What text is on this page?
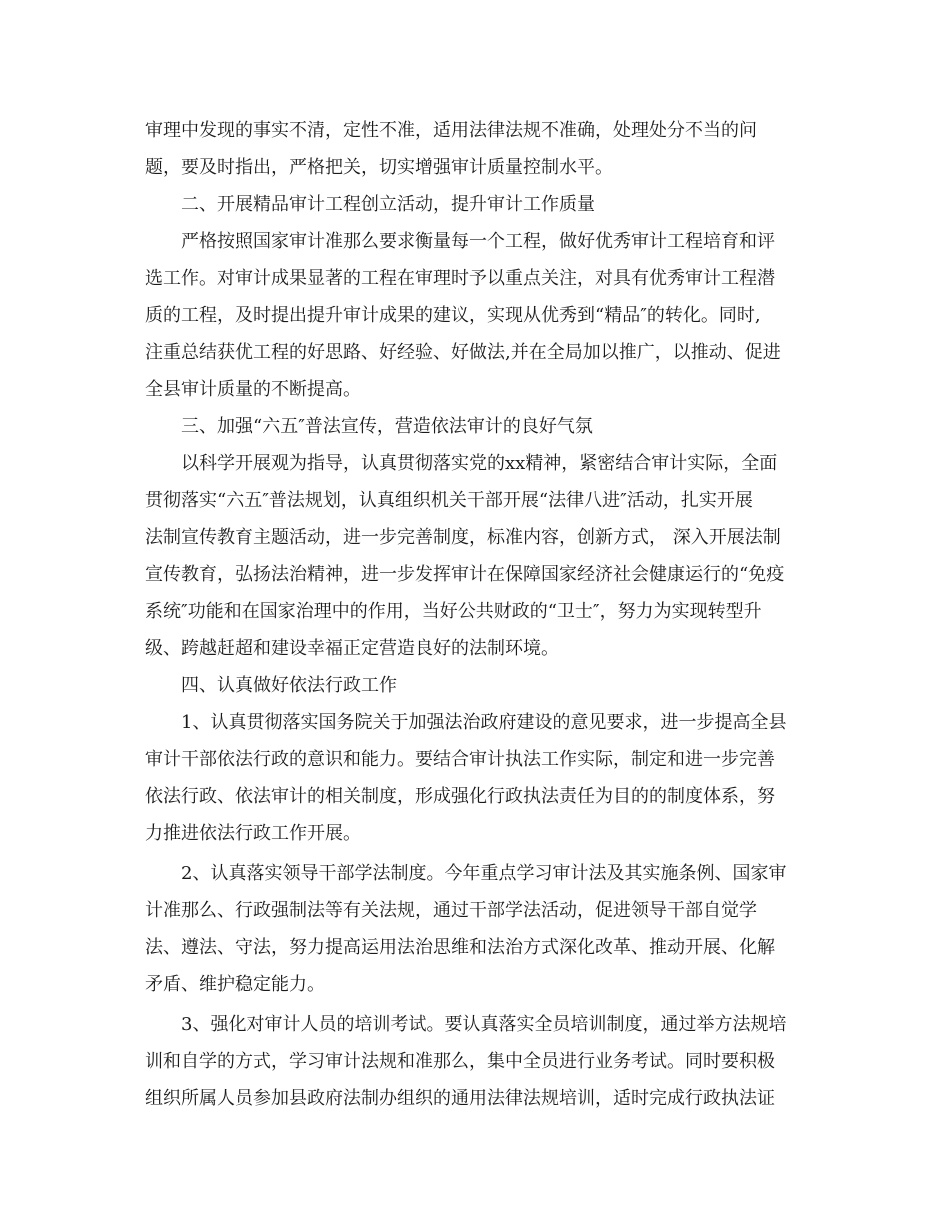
审理中发现的事实不清，定性不准，适用法律法规不准确，处理处分不当的问
题，要及时指出，严格把关，切实增强审计质量控制水平。
二、开展精品审计工程创立活动，提升审计工作质量
严格按照国家审计准那么要求衡量每一个工程，做好优秀审计工程培育和评
选工作。对审计成果显著的工程在审理时予以重点关注，对具有优秀审计工程潜
质的工程，及时提出提升审计成果的建议，实现从优秀到“精品″的转化。同时,
注重总结获优工程的好思路、好经验、好做法,并在全局加以推广，以推动、促进
全县审计质量的不断提高。
三、加强“六五″普法宣传，营造依法审计的良好气氛
以科学开展观为指导，认真贯彻落实党的xx精神，紧密结合审计实际，全面
贯彻落实“六五″普法规划，认真组织机关干部开展“法律八进″活动，扎实开展
法制宣传教育主题活动，进一步完善制度，标准内容，创新方式， 深入开展法制
宣传教育，弘扬法治精神，进一步发挥审计在保障国家经济社会健康运行的“免疫
系统″功能和在国家治理中的作用，当好公共财政的“卫士″，努力为实现转型升
级、跨越赶超和建设幸福正定营造良好的法制环境。
四、认真做好依法行政工作
1、认真贯彻落实国务院关于加强法治政府建设的意见要求，进一步提高全县
审计干部依法行政的意识和能力。要结合审计执法工作实际，制定和进一步完善
依法行政、依法审计的相关制度，形成强化行政执法责任为目的的制度体系，努
力推进依法行政工作开展。
2、认真落实领导干部学法制度。今年重点学习审计法及其实施条例、国家审
计准那么、行政强制法等有关法规，通过干部学法活动，促进领导干部自觉学
法、遵法、守法，努力提高运用法治思维和法治方式深化改革、推动开展、化解
矛盾、维护稳定能力。
3、强化对审计人员的培训考试。要认真落实全员培训制度，通过举方法规培
训和自学的方式，学习审计法规和准那么，集中全员进行业务考试。同时要积极
组织所属人员参加县政府法制办组织的通用法律法规培训，适时完成行政执法证
